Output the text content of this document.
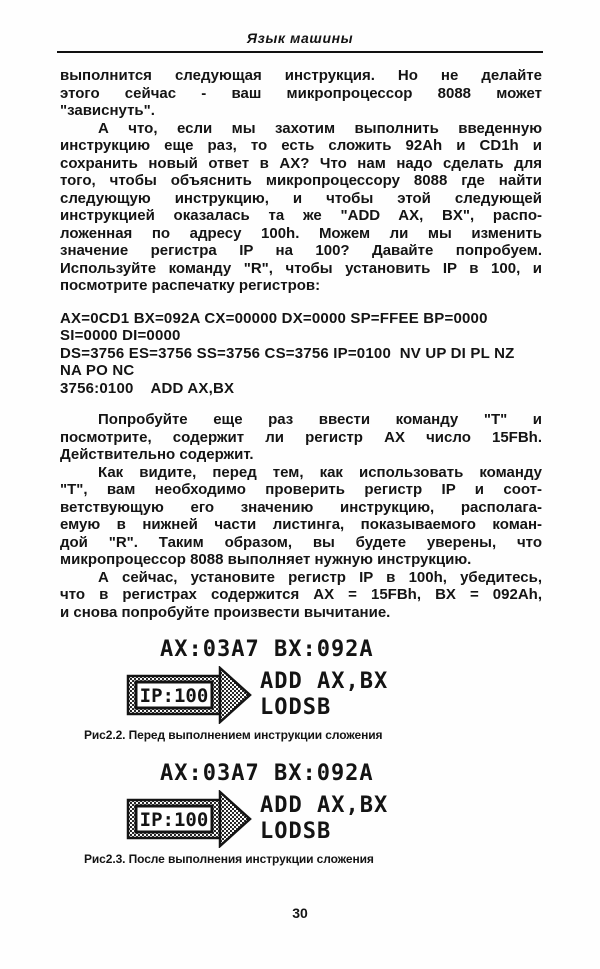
Язык машины
выполнится следующая инструкция. Но не делайте
этого сейчас - ваш микропроцессор 8088 может
"зависнуть".
А что, если мы захотим выполнить введенную
инструкцию еще раз, то есть сложить 92Ah и CD1h и
сохранить новый ответ в AX? Что нам надо сделать для
того, чтобы объяснить микропроцессору 8088 где найти
следующую инструкцию, и чтобы этой следующей
инструкцией оказалась та же "ADD AX, BX", распо-
ложенная по адресу 100h. Можем ли мы изменить
значение регистра IP на 100? Давайте попробуем.
Используйте команду "R", чтобы установить IP в 100, и
посмотрите распечатку регистров:
AX=0CD1 BX=092A CX=00000 DX=0000 SP=FFEE BP=0000
SI=0000 DI=0000
DS=3756 ES=3756 SS=3756 CS=3756 IP=0100  NV UP DI PL NZ
NA PO NC
3756:0100    ADD AX,BX
Попробуйте еще раз ввести команду "Т" и
посмотрите, содержит ли регистр AX число 15FBh.
Действительно содержит.
Как видите, перед тем, как использовать команду
"Т", вам необходимо проверить регистр IP и соот-
ветствующую его значению инструкцию, располага-
емую в нижней части листинга, показываемого коман-
дой "R". Таким образом, вы будете уверены, что
микропроцессор 8088 выполняет нужную инструкцию.
А сейчас, установите регистр IP в 100h, убедитесь,
что в регистрах содержится AX = 15FBh, BX = 092Ah,
и снова попробуйте произвести вычитание.
AX:03A7 BX:092A
IP:100
ADD AX,BX
LODSB
Рис2.2. Перед выполнением инструкции сложения
AX:03A7 BX:092A
IP:100
ADD AX,BX
LODSB
Рис2.3. После выполнения инструкции сложения
30
